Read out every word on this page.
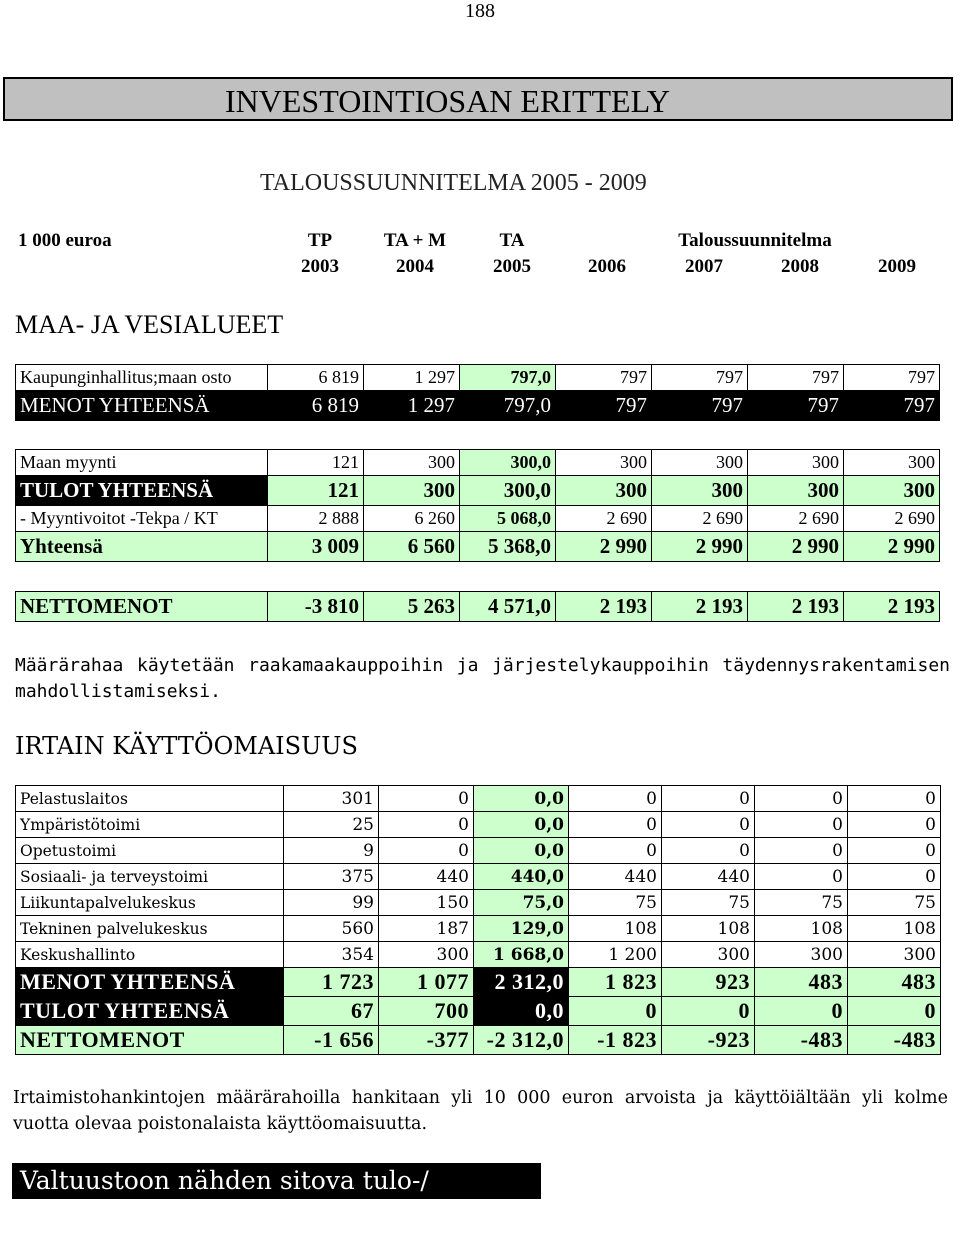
188
INVESTOINTIOSAN ERITTELY
TALOUSSUUNNITELMA 2005 - 2009
1 000 euroa	TP	TA + M	TA	Taloussuunnitelma
2003	2004	2005	2006	2007	2008	2009
MAA- JA VESIALUEET
Kaupunginhallitus;maan osto	6 819	1 297	797,0	797	797	797	797
MENOT YHTEENSÄ	6 819	1 297	797,0	797	797	797	797
Maan myynti	121	300	300,0	300	300	300	300
TULOT YHTEENSÄ	121	300	300,0	300	300	300	300
- Myyntivoitot -Tekpa / KT	2 888	6 260	5 068,0	2 690	2 690	2 690	2 690
Yhteensä	3 009	6 560	5 368,0	2 990	2 990	2 990	2 990
NETTOMENOT	-3 810	5 263	4 571,0	2 193	2 193	2 193	2 193
Määrärahaa käytetään raakamaakauppoihin ja järjestelykauppoihin täydennysrakentamisen
mahdollistamiseksi.
IRTAIN KÄYTTÖOMAISUUS
Pelastuslaitos	301	0	0,0	0	0	0	0
Ympäristötoimi	25	0	0,0	0	0	0	0
Opetustoimi	9	0	0,0	0	0	0	0
Sosiaali- ja terveystoimi	375	440	440,0	440	440	0	0
Liikuntapalvelukeskus	99	150	75,0	75	75	75	75
Tekninen palvelukeskus	560	187	129,0	108	108	108	108
Keskushallinto	354	300	1 668,0	1 200	300	300	300
MENOT YHTEENSÄ	1 723	1 077	2 312,0	1 823	923	483	483
TULOT YHTEENSÄ	67	700	0,0	0	0	0	0
NETTOMENOT	-1 656	-377	-2 312,0	-1 823	-923	-483	-483
Irtaimistohankintojen määrärahoilla hankitaan yli 10 000 euron arvoista ja käyttöiältään yli kolme
vuotta olevaa poistonalaista käyttöomaisuutta.
Valtuustoon nähden sitova tulo-/ menoerä
